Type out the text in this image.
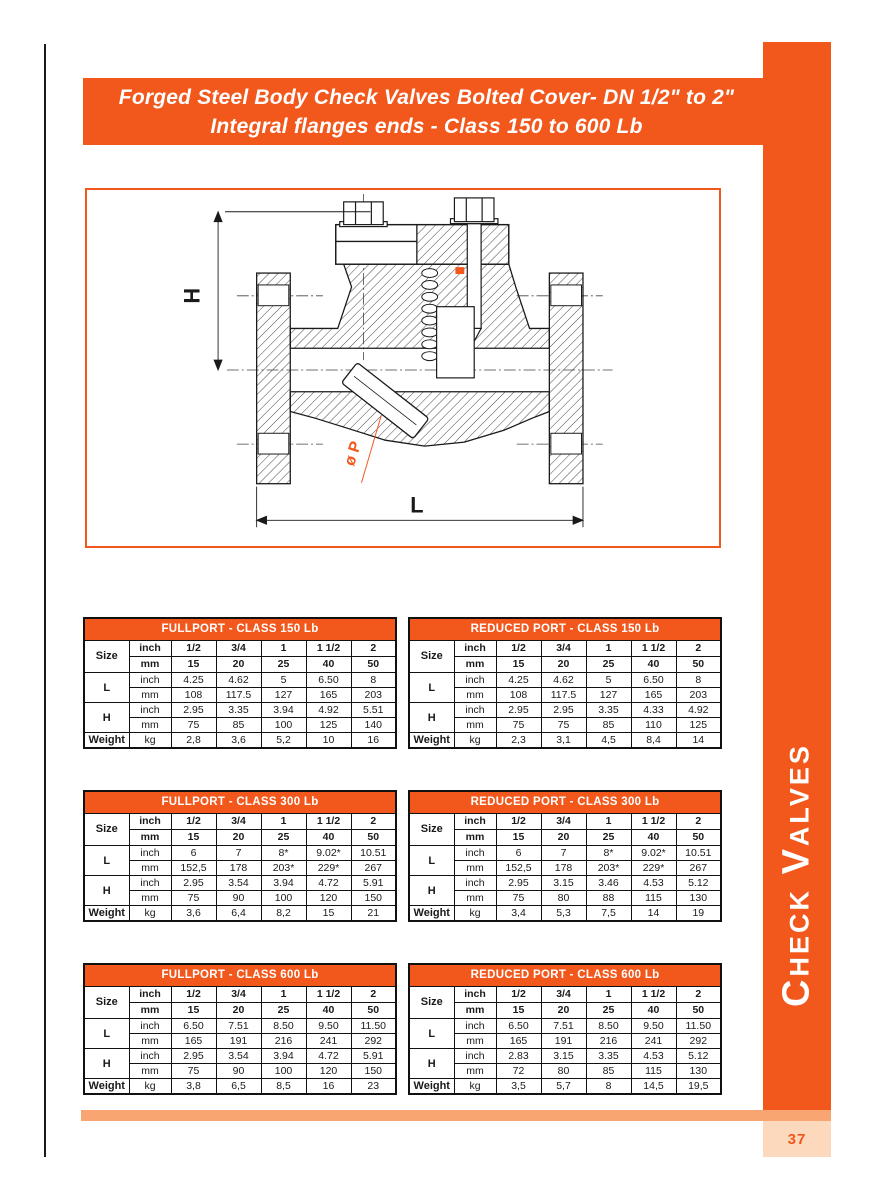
Forged Steel Body Check Valves Bolted Cover- DN 1/2" to 2"
Integral flanges ends - Class 150 to 600 Lb
Check Valves
37
H
L
ø P
FULLPORT - CLASS 150 Lb						
Size	inch	1/2	3/4	1	1 1/2	2
	mm	15	20	25	40	50
L	inch	4.25	4.62	5	6.50	8
	mm	108	117.5	127	165	203
H	inch	2.95	3.35	3.94	4.92	5.51
	mm	75	85	100	125	140
Weight	kg	2,8	3,6	5,2	10	16
REDUCED PORT - CLASS 150 Lb						
Size	inch	1/2	3/4	1	1 1/2	2
	mm	15	20	25	40	50
L	inch	4.25	4.62	5	6.50	8
	mm	108	117.5	127	165	203
H	inch	2.95	2.95	3.35	4.33	4.92
	mm	75	75	85	110	125
Weight	kg	2,3	3,1	4,5	8,4	14
FULLPORT - CLASS 300 Lb						
Size	inch	1/2	3/4	1	1 1/2	2
	mm	15	20	25	40	50
L	inch	6	7	8*	9.02*	10.51
	mm	152,5	178	203*	229*	267
H	inch	2.95	3.54	3.94	4.72	5.91
	mm	75	90	100	120	150
Weight	kg	3,6	6,4	8,2	15	21
REDUCED PORT - CLASS 300 Lb						
Size	inch	1/2	3/4	1	1 1/2	2
	mm	15	20	25	40	50
L	inch	6	7	8*	9.02*	10.51
	mm	152,5	178	203*	229*	267
H	inch	2.95	3.15	3.46	4.53	5.12
	mm	75	80	88	115	130
Weight	kg	3,4	5,3	7,5	14	19
FULLPORT - CLASS 600 Lb						
Size	inch	1/2	3/4	1	1 1/2	2
	mm	15	20	25	40	50
L	inch	6.50	7.51	8.50	9.50	11.50
	mm	165	191	216	241	292
H	inch	2.95	3.54	3.94	4.72	5.91
	mm	75	90	100	120	150
Weight	kg	3,8	6,5	8,5	16	23
REDUCED PORT - CLASS 600 Lb						
Size	inch	1/2	3/4	1	1 1/2	2
	mm	15	20	25	40	50
L	inch	6.50	7.51	8.50	9.50	11.50
	mm	165	191	216	241	292
H	inch	2.83	3.15	3.35	4.53	5.12
	mm	72	80	85	115	130
Weight	kg	3,5	5,7	8	14,5	19,5
